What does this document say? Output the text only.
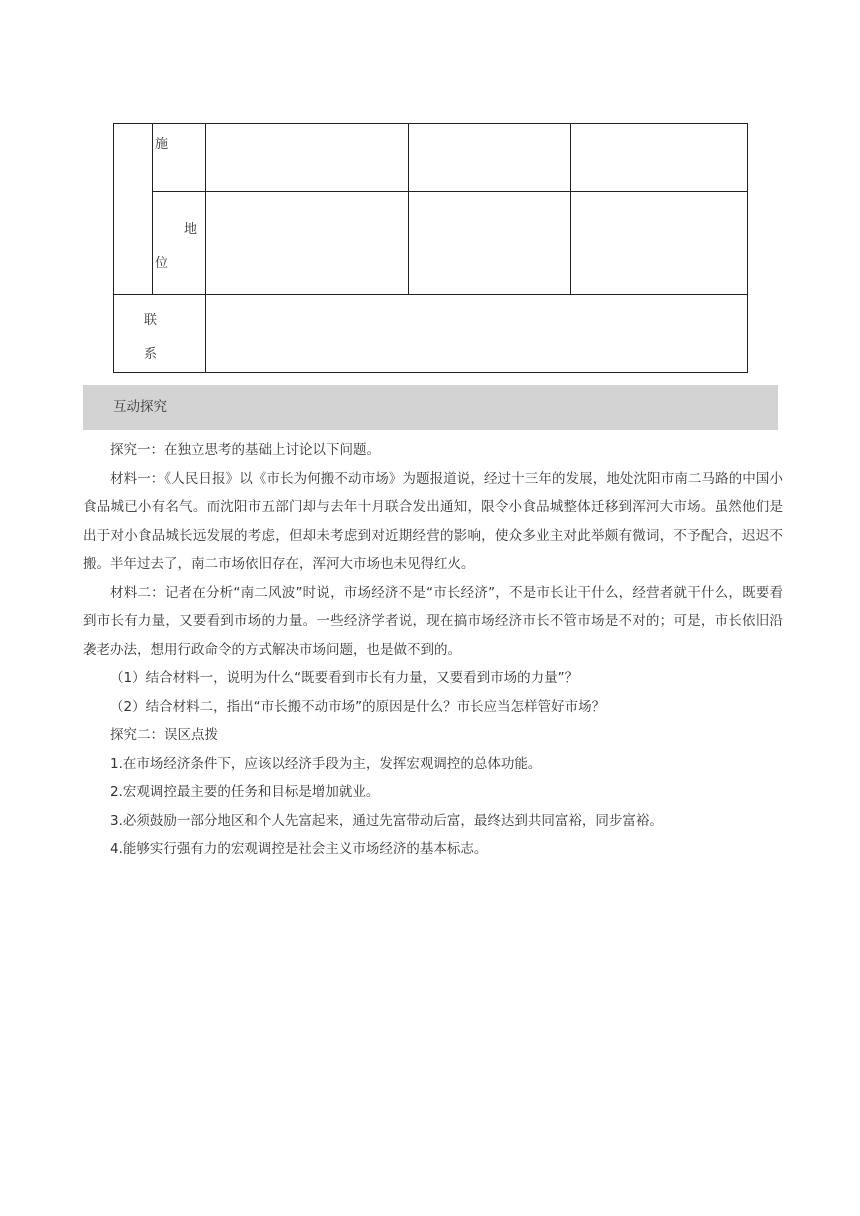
施
地
位
联
系
互动探究

探究一：在独立思考的基础上讨论以下问题。

材料一：《人民日报》以《市长为何搬不动市场》为题报道说，经过十三年的发展，地处沈阳市南二马路的中国小食品城已小有名气。而沈阳市五部门却与去年十月联合发出通知，限令小食品城整体迁移到浑河大市场。虽然他们是出于对小食品城长远发展的考虑，但却未考虑到对近期经营的影响，使众多业主对此举颇有微词，不予配合，迟迟不搬。半年过去了，南二市场依旧存在，浑河大市场也未见得红火。

材料二：记者在分析“南二风波”时说，市场经济不是“市长经济”，不是市长让干什么，经营者就干什么，既要看到市长有力量，又要看到市场的力量。一些经济学者说，现在搞市场经济市长不管市场是不对的；可是，市长依旧沿袭老办法，想用行政命令的方式解决市场问题，也是做不到的。

（1）结合材料一，说明为什么“既要看到市长有力量，又要看到市场的力量”？

（2）结合材料二，指出“市长搬不动市场”的原因是什么？市长应当怎样管好市场？

探究二：误区点拨

1.在市场经济条件下，应该以经济手段为主，发挥宏观调控的总体功能。

2.宏观调控最主要的任务和目标是增加就业。

3.必须鼓励一部分地区和个人先富起来，通过先富带动后富，最终达到共同富裕，同步富裕。

4.能够实行强有力的宏观调控是社会主义市场经济的基本标志。
